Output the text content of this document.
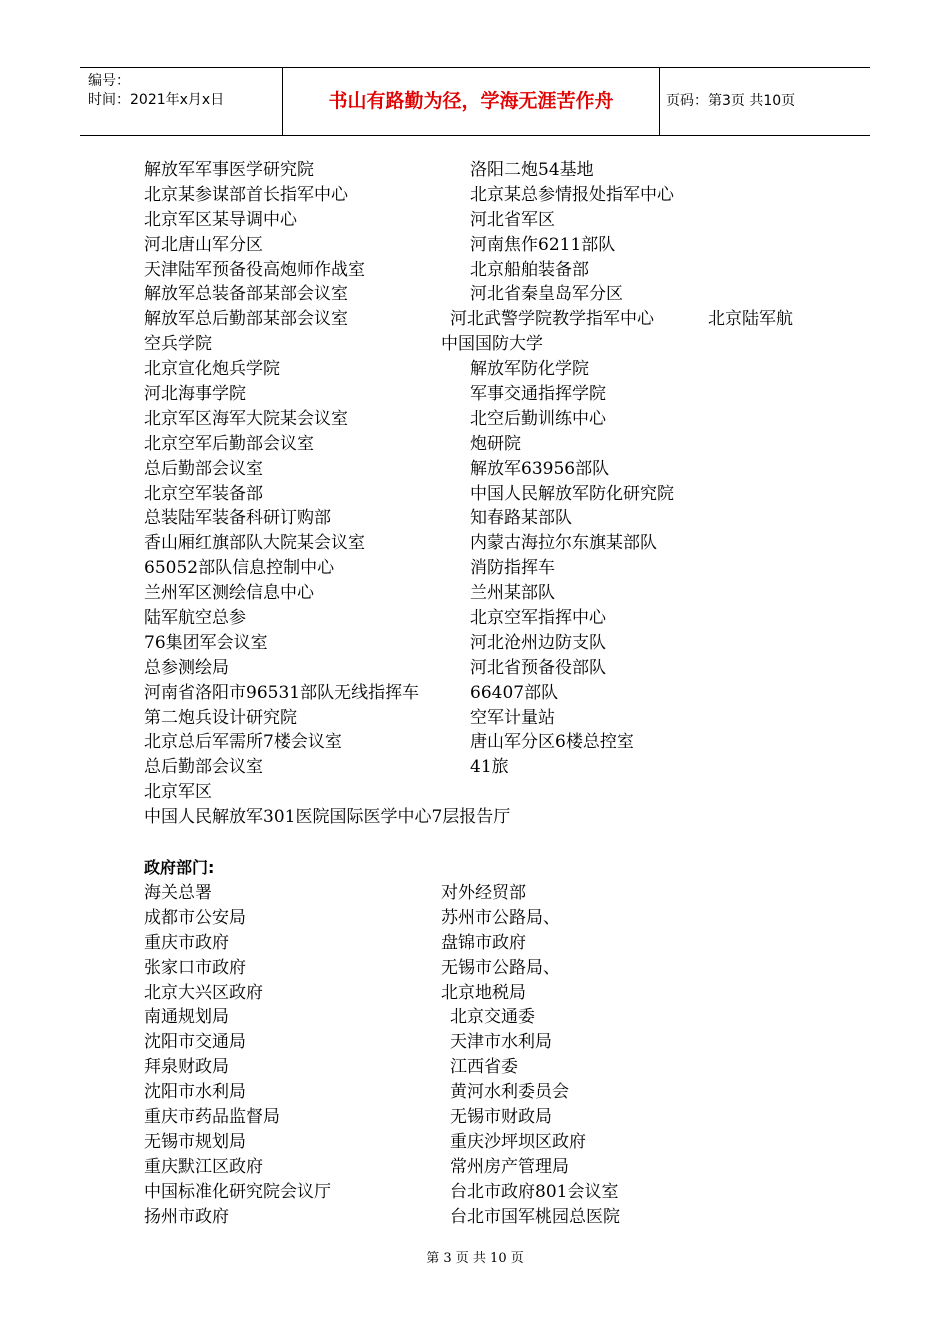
编号：
时间：2021年x月x日	书山有路勤为径，学海无涯苦作舟	页码：第3页 共10页
解放军军事医学研究院	洛阳二炮54基地
北京某参谋部首长指军中心	北京某总参情报处指军中心
北京军区某导调中心	河北省军区
河北唐山军分区	河南焦作6211部队
天津陆军预备役高炮师作战室	北京船舶装备部
解放军总装备部某部会议室	河北省秦皇岛军分区
解放军总后勤部某部会议室	河北武警学院教学指军中心	北京陆军航
空兵学院	中国国防大学
北京宣化炮兵学院	解放军防化学院
河北海事学院	军事交通指挥学院
北京军区海军大院某会议室	北空后勤训练中心
北京空军后勤部会议室	炮研院
总后勤部会议室	解放军63956部队
北京空军装备部	中国人民解放军防化研究院
总装陆军装备科研订购部	知春路某部队
香山厢红旗部队大院某会议室	内蒙古海拉尔东旗某部队
65052部队信息控制中心	消防指挥车
兰州军区测绘信息中心	兰州某部队
陆军航空总参	北京空军指挥中心
76集团军会议室	河北沧州边防支队
总参测绘局	河北省预备役部队
河南省洛阳市96531部队无线指挥车	66407部队
第二炮兵设计研究院	空军计量站
北京总后军需所7楼会议室	唐山军分区6楼总控室
总后勤部会议室	41旅
北京军区
中国人民解放军301医院国际医学中心7层报告厅
政府部门:
海关总署	对外经贸部
成都市公安局	苏州市公路局、
重庆市政府	盘锦市政府
张家口市政府	无锡市公路局、
北京大兴区政府	北京地税局
南通规划局	北京交通委
沈阳市交通局	天津市水利局
拜泉财政局	江西省委
沈阳市水利局	黄河水利委员会
重庆市药品监督局	无锡市财政局
无锡市规划局	重庆沙坪坝区政府
重庆默江区政府	常州房产管理局
中国标准化研究院会议厅	台北市政府801会议室
扬州市政府	台北市国军桃园总医院
第 3 页 共 10 页
